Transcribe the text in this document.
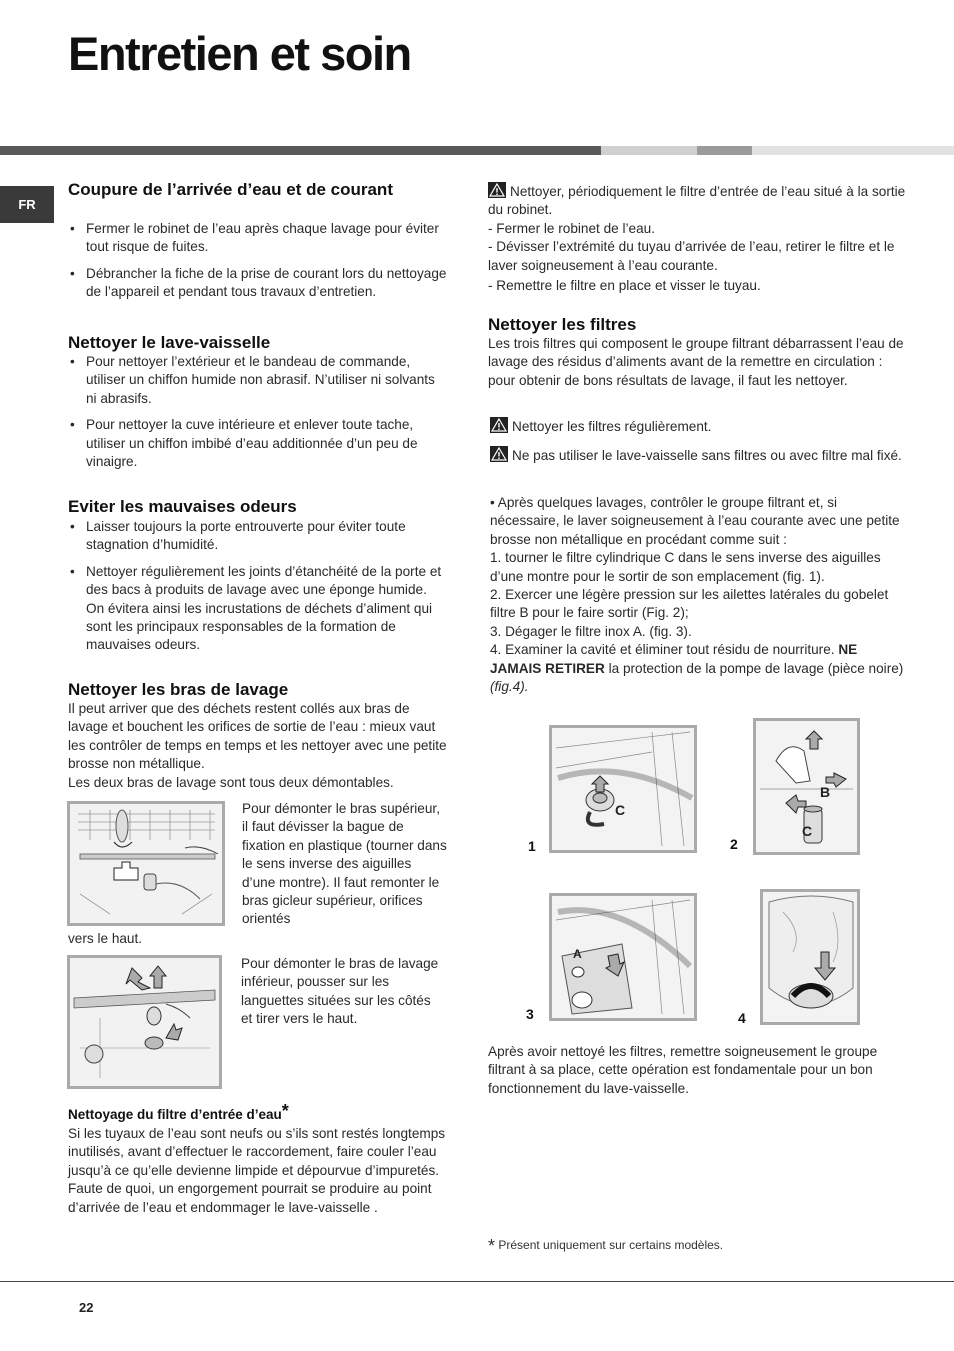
Entretien et soin
FR
Coupure de l’arrivée d’eau et de courant
• Fermer le robinet de l’eau après chaque lavage pour éviter tout risque de fuites.
• Débrancher la fiche de la prise de courant lors du nettoyage de l’appareil et pendant tous travaux d’entretien.
Nettoyer le lave-vaisselle
• Pour nettoyer l’extérieur et le bandeau de commande, utiliser un chiffon humide non abrasif. N’utiliser ni solvants ni abrasifs.
• Pour nettoyer la cuve intérieure et enlever toute tache, utiliser un chiffon imbibé d’eau additionnée d’un peu de vinaigre.
Eviter les mauvaises odeurs
• Laisser toujours la porte entrouverte pour éviter toute stagnation d’humidité.
• Nettoyer régulièrement les joints d’étanchéité de la porte et des bacs à produits de lavage avec une éponge humide. On évitera ainsi les incrustations de déchets d’aliment qui sont les principaux responsables de la formation de mauvaises odeurs.
Nettoyer les bras de lavage

Il peut arriver que des déchets restent collés aux bras de lavage et bouchent les orifices de sortie de l’eau : mieux vaut les contrôler de temps en temps et les nettoyer avec une petite brosse non métallique.

Les deux bras de lavage sont tous deux démontables.

Pour démonter le bras supérieur, il faut dévisser la bague de fixation en plastique (tourner dans le sens inverse des aiguilles d’une montre). Il faut remonter le bras gicleur supérieur, orifices orientés
vers le haut.
Pour démonter le bras de lavage inférieur, pousser sur les languettes situées sur les côtés et tirer vers le haut.
Nettoyage du filtre d’entrée d’eau*
Si les tuyaux de l’eau sont neufs ou s’ils sont restés longtemps inutilisés, avant d’effectuer le raccordement, faire couler l’eau jusqu’à ce qu’elle devienne limpide et dépourvue d’impuretés. Faute de quoi, un engorgement pourrait se produire au point d’arrivée de l’eau et endommager le lave-vaisselle .

Nettoyer, périodiquement le filtre d’entrée de l’eau situé à la sortie du robinet.

- Fermer le robinet de l’eau.

- Dévisser l’extrémité du tuyau d’arrivée de l’eau, retirer le filtre et le laver soigneusement à l’eau courante.

- Remettre le filtre en place et visser le tuyau.

Nettoyer les filtres
Les trois filtres qui composent le groupe filtrant débarrassent l’eau de lavage des résidus d’aliments avant de la remettre en circulation : pour obtenir de bons résultats de lavage, il faut les nettoyer.
Nettoyer les filtres régulièrement.
Ne pas utiliser le lave-vaisselle sans filtres ou avec filtre mal fixé.

• Après quelques lavages, contrôler le groupe filtrant et, si nécessaire, le laver soigneusement à l’eau courante avec une petite brosse non métallique en procédant comme suit :

1. tourner le filtre cylindrique C dans le sens inverse des aiguilles d’une montre pour le sortir de son emplacement (fig. 1).

2. Exercer une légère pression sur les ailettes latérales du gobelet filtre B pour le faire sortir (Fig. 2);

3. Dégager le filtre inox A. (fig. 3).

4. Examiner la cavité et éliminer tout résidu de nourriture. NE JAMAIS RETIRER la protection de la pompe de lavage (pièce noire) (fig.4).

C
1
B
C
2
A
3	4
Après avoir nettoyé les filtres, remettre soigneusement le groupe filtrant à sa place, cette opération est fondamentale pour un bon fonctionnement du lave-vaisselle.
* Présent uniquement sur certains modèles.
22
